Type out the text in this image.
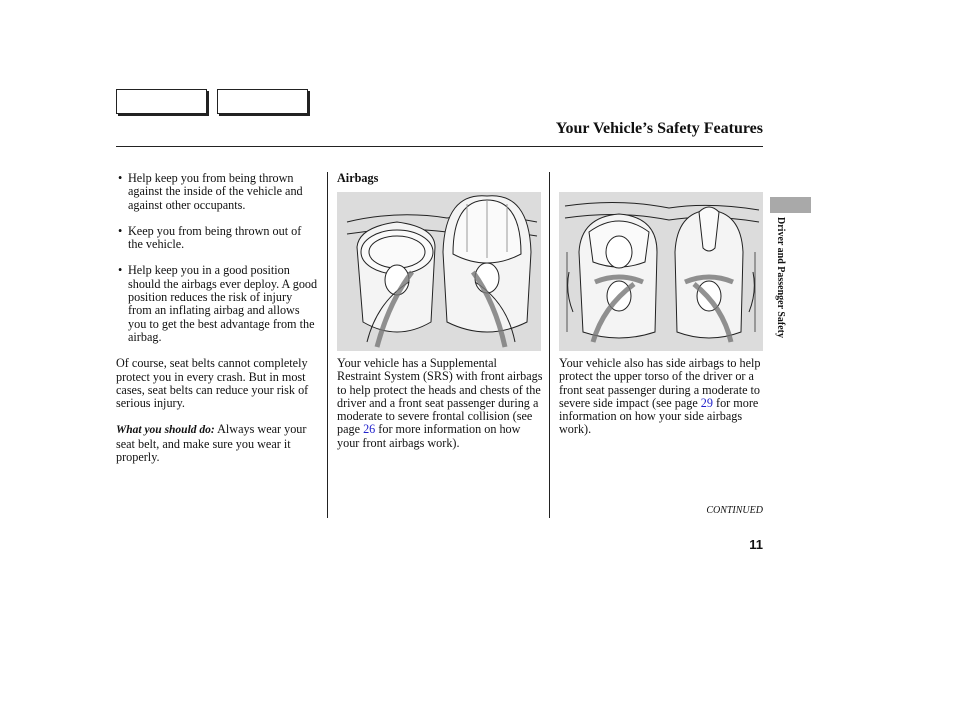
Your Vehicle’s Safety Features
• Help keep you from being thrown against the inside of the vehicle and against other occupants.
• Keep you from being thrown out of the vehicle.
• Help keep you in a good position should the airbags ever deploy. A good position reduces the risk of injury from an inflating airbag and allows you to get the best advantage from the airbag.

Of course, seat belts cannot completely protect you in every crash. But in most cases, seat belts can reduce your risk of serious injury.

What you should do: Always wear your seat belt, and make sure you wear it properly.

Airbags

Your vehicle has a Supplemental Restraint System (SRS) with front airbags to help protect the heads and chests of the driver and a front seat passenger during a moderate to severe frontal collision (see page 26 for more information on how your front airbags work).

Your vehicle also has side airbags to help protect the upper torso of the driver or a front seat passenger during a moderate to severe side impact (see page 29 for more information on how your side airbags work).

CONTINUED
11
Driver and Passenger Safety
